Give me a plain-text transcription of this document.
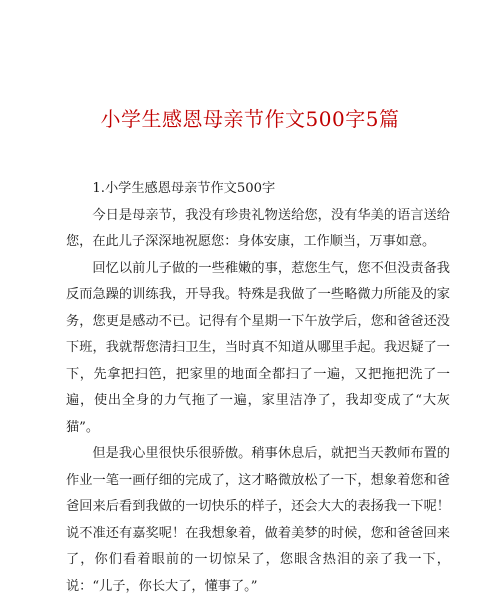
小学生感恩母亲节作文500字5篇

1.小学生感恩母亲节作文500字

今日是母亲节，我没有珍贵礼物送给您，没有华美的语言送给您，在此儿子深深地祝愿您：身体安康，工作顺当，万事如意。

回忆以前儿子做的一些稚嫩的事，惹您生气，您不但没责备我反而急躁的训练我，开导我。特殊是我做了一些略微力所能及的家务，您更是感动不已。记得有个星期一下午放学后，您和爸爸还没下班，我就帮您清扫卫生，当时真不知道从哪里手起。我迟疑了一下，先拿把扫笆，把家里的地面全都扫了一遍，又把拖把洗了一遍，使出全身的力气拖了一遍，家里洁净了，我却变成了“大灰猫”。

但是我心里很快乐很骄傲。稍事休息后，就把当天教师布置的作业一笔一画仔细的完成了，这才略微放松了一下，想象着您和爸爸回来后看到我做的一切快乐的样子，还会大大的表扬我一下呢！说不准还有嘉奖呢！在我想象着，做着美梦的时候，您和爸爸回来了，你们看着眼前的一切惊呆了，您眼含热泪的亲了我一下，说：“儿子，你长大了，懂事了。”
